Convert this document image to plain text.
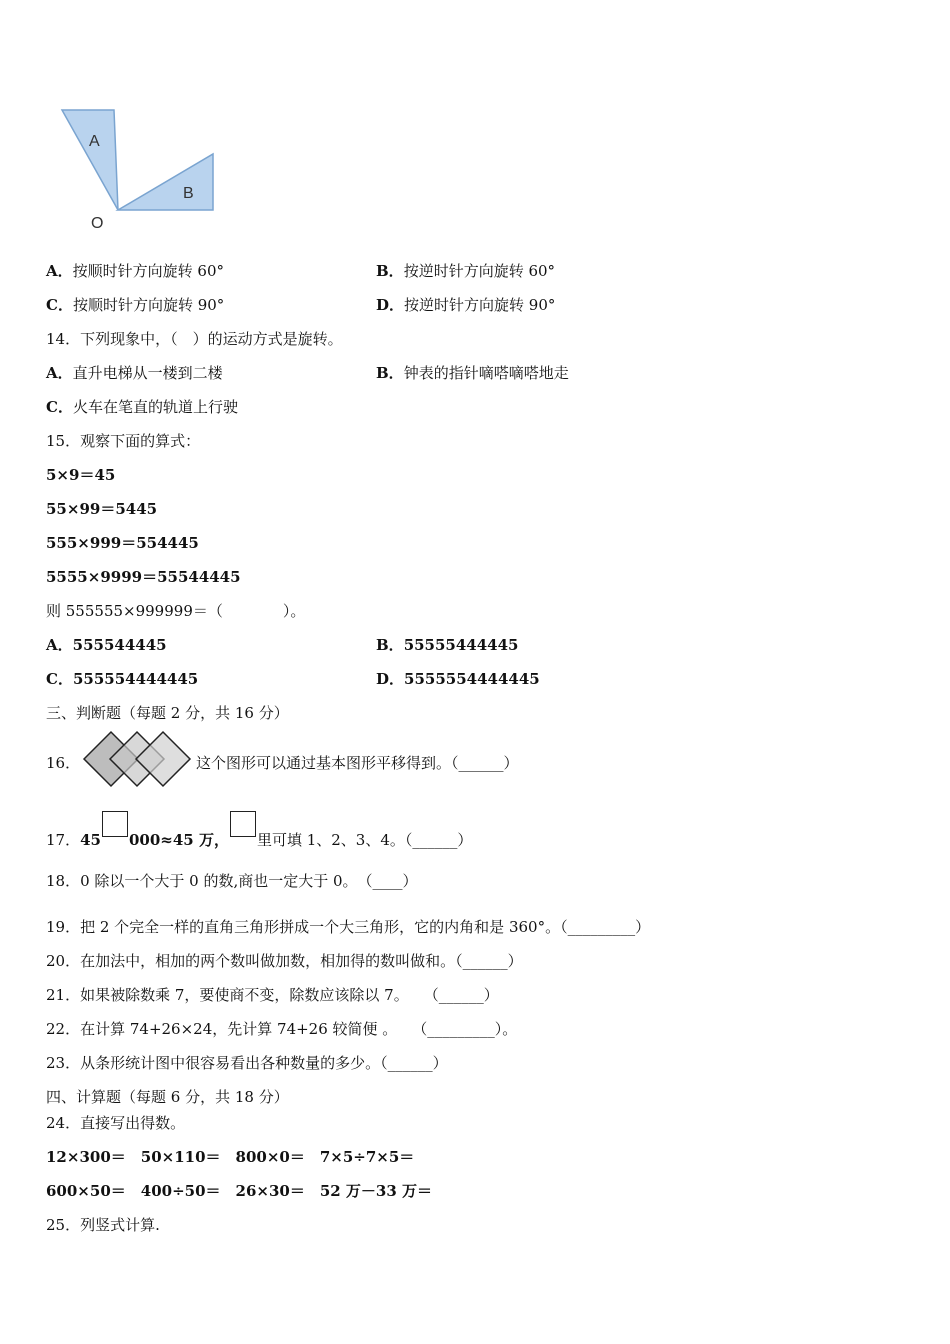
A
B
O
A．按顺时针方向旋转 60°	B．按逆时针方向旋转 60°
C．按顺时针方向旋转 90°	D．按逆时针方向旋转 90°
14．下列现象中，（　）的运动方式是旋转。
A．直升电梯从一楼到二楼	B．钟表的指针嘀嗒嘀嗒地走
C．火车在笔直的轨道上行驶
15．观察下面的算式：
5×9＝45
55×99＝5445
555×999＝554445
5555×9999＝55544445
则 555555×999999＝（　　　　）。
A．555544445	B．55555444445
C．555554444445	D．5555554444445
三、判断题（每题 2 分，共 16 分）
16．	这个图形可以通过基本图形平移得到。（______）
17．45 000≈45 万， 里可填 1、2、3、4。（______）
18．0 除以一个大于 0 的数,商也一定大于 0。　（____）
19．把 2 个完全一样的直角三角形拼成一个大三角形，它的内角和是 360°。（_________）
20．在加法中，相加的两个数叫做加数，相加得的数叫做和。（______）
21．如果被除数乘 7，要使商不变，除数应该除以 7。　　（______）
22．在计算 74+26×24，先计算 74+26 较简便 。　　（_________）。
23．从条形统计图中很容易看出各种数量的多少。（______）
四、计算题（每题 6 分，共 18 分）
24．直接写出得数。
12×300＝　50×110＝　800×0＝　7×5÷7×5＝
600×50＝　400÷50＝　26×30＝　52 万－33 万＝
25．列竖式计算.
